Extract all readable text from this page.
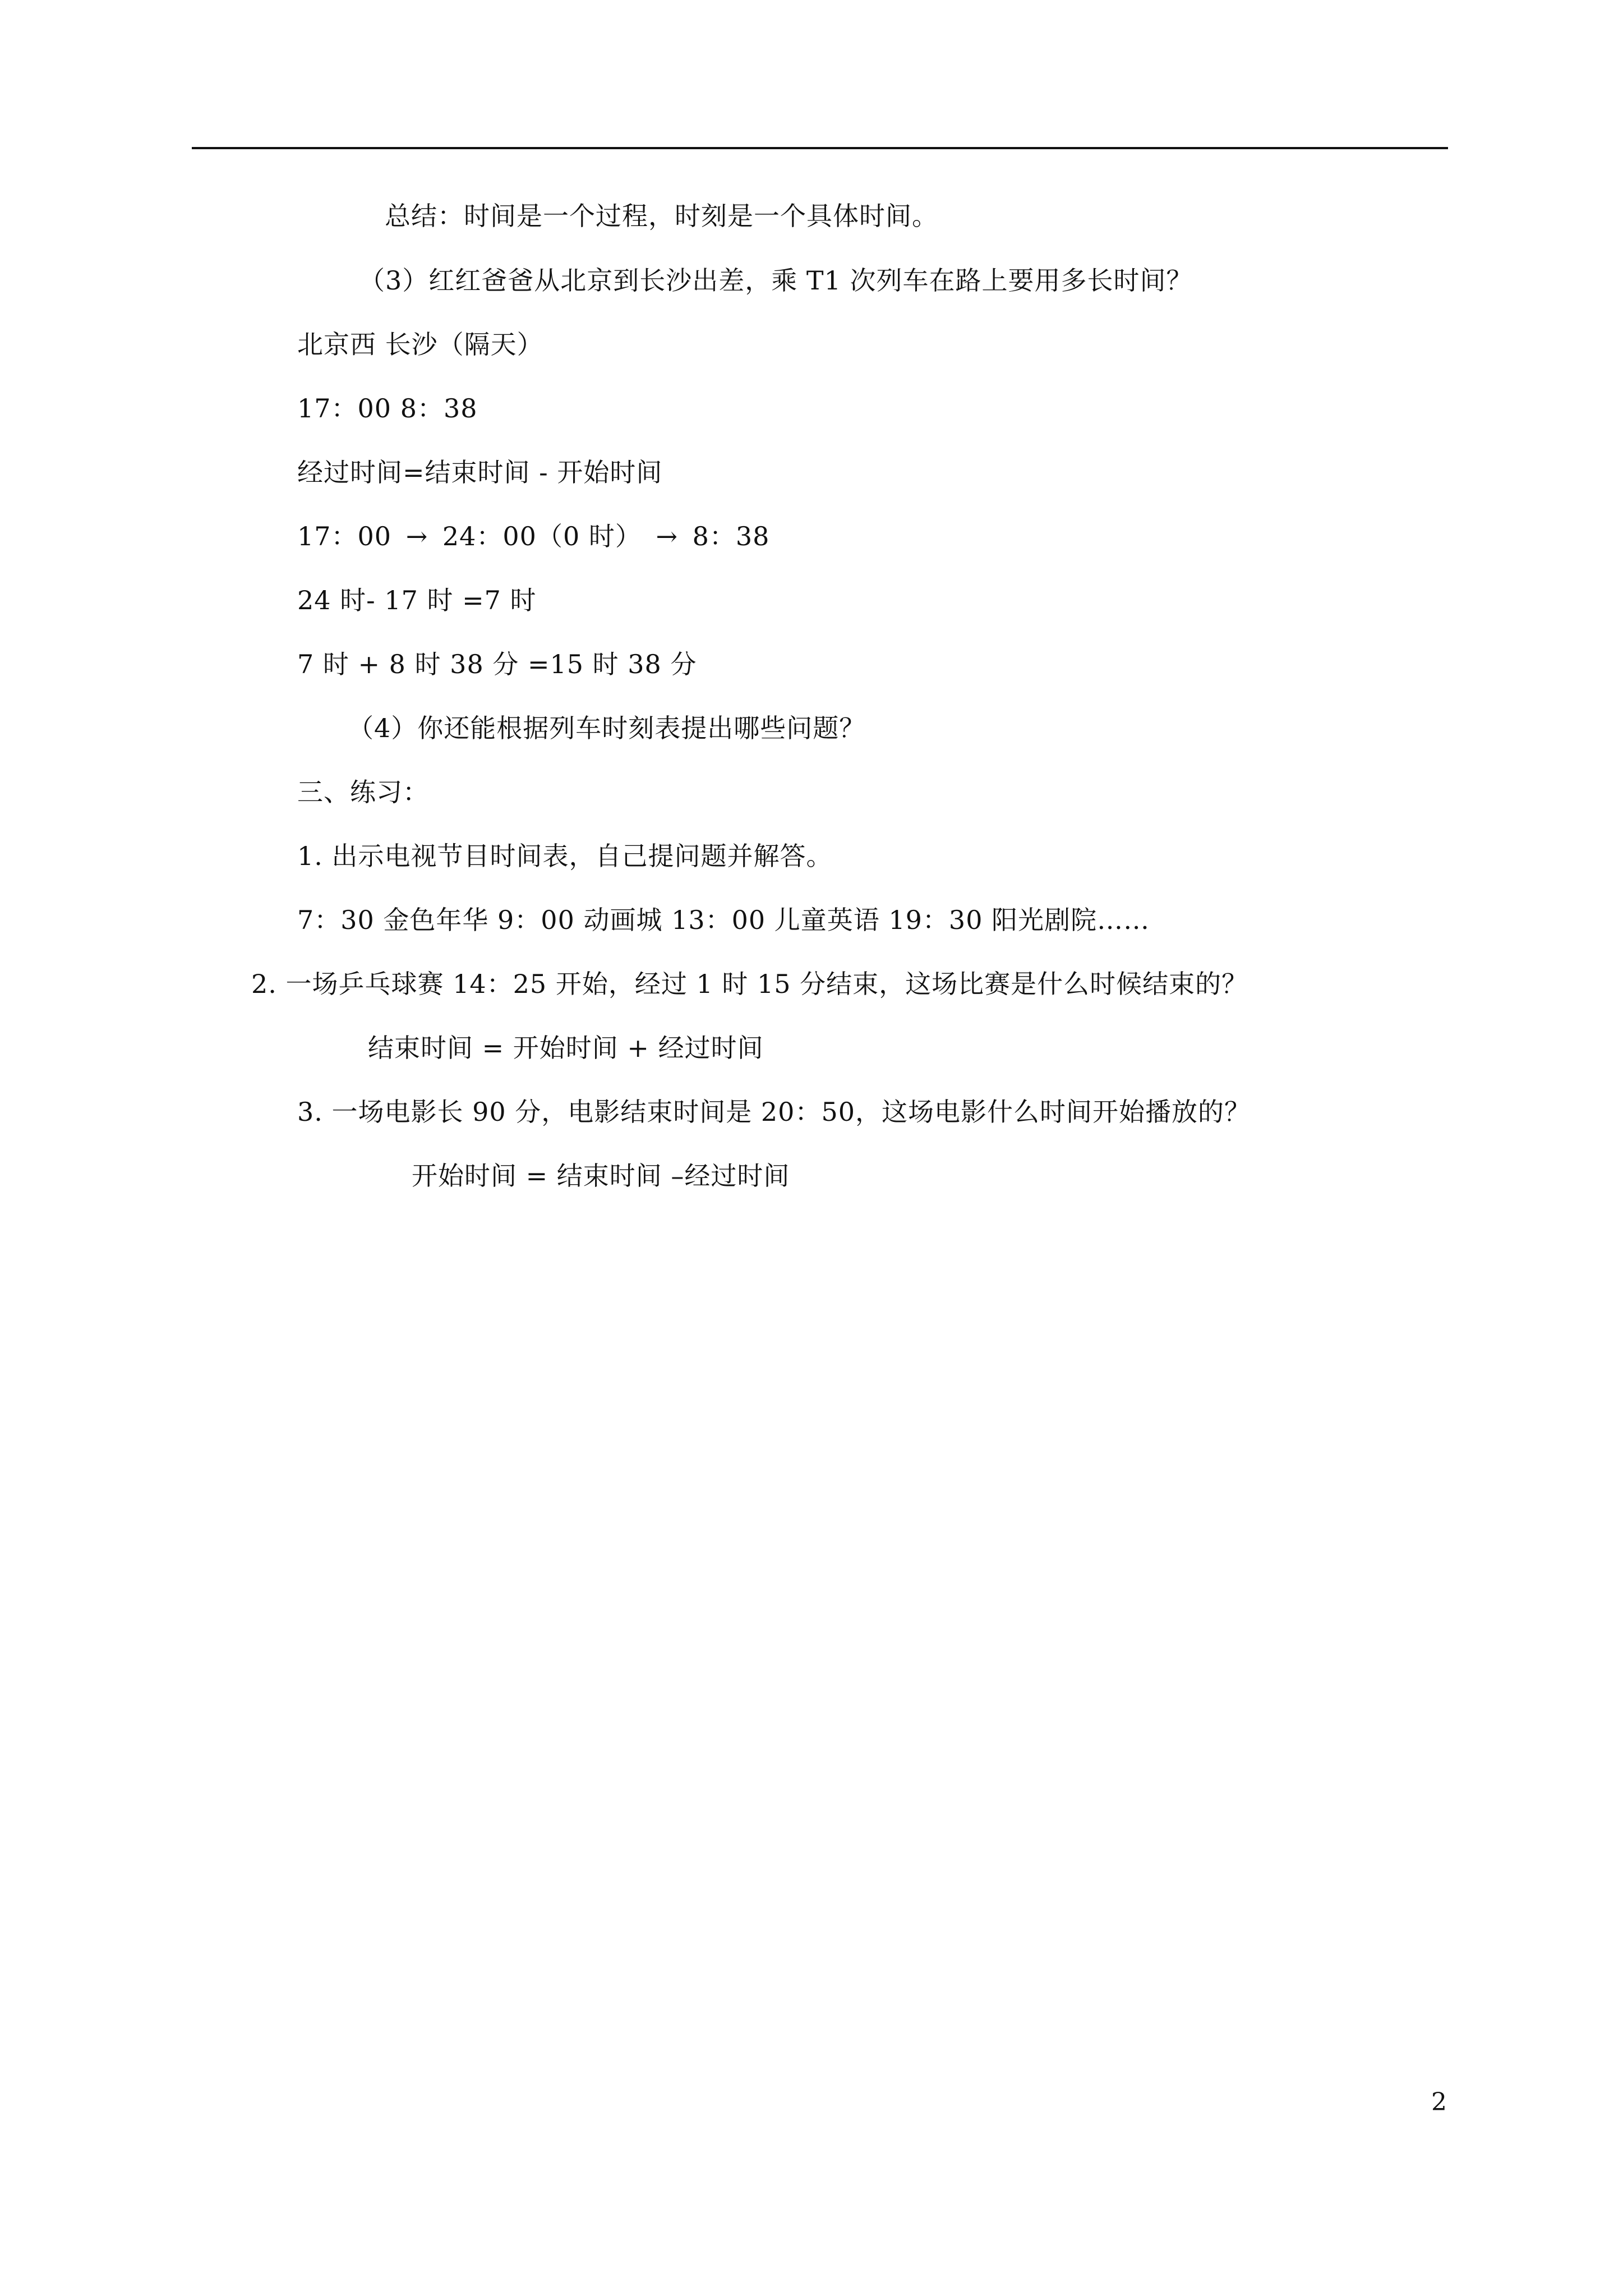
总结：时间是一个过程，时刻是一个具体时间。
（3）红红爸爸从北京到长沙出差，乘 T1 次列车在路上要用多长时间？
北京西 长沙（隔天）
17：00 8：38
经过时间=结束时间 - 开始时间
17：00 → 24：00（0 时） → 8：38
24 时- 17 时 =7 时
7 时 + 8 时 38 分 =15 时 38 分
（4）你还能根据列车时刻表提出哪些问题？
三、练习：
1. 出示电视节目时间表，自己提问题并解答。
7：30 金色年华 9：00 动画城 13：00 儿童英语 19：30 阳光剧院……
2. 一场乒乓球赛 14：25 开始，经过 1 时 15 分结束，这场比赛是什么时候结束的？
结束时间 = 开始时间 + 经过时间
3. 一场电影长 90 分，电影结束时间是 20：50，这场电影什么时间开始播放的？
开始时间 = 结束时间 –经过时间
2
